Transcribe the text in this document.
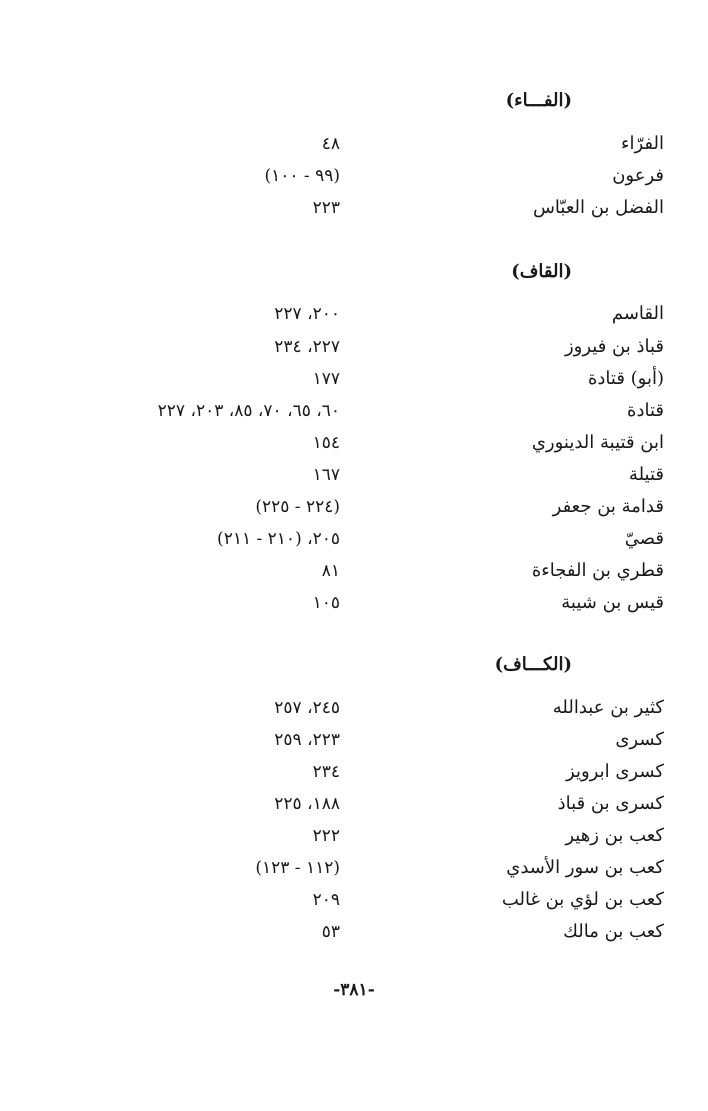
(الفـــاء)
الفرّاء
٤٨
فرعون
(٩٩ - ١٠٠)
الفضل بن العبّاس
٢٢٣
(القاف)
القاسم
٢٠٠، ٢٢٧
قباذ بن فيروز
٢٢٧، ٢٣٤
(أبو) قتادة
١٧٧
قتادة
٦٠، ٦٥، ٧٠، ٨٥، ٢٠٣، ٢٢٧
ابن قتيبة الدينوري
١٥٤
قتيلة
١٦٧
قدامة بن جعفر
(٢٢٤ - ٢٢٥)
قصيّ
٢٠٥، (٢١٠ - ٢١١)
قطري بن الفجاءة
٨١
قيس بن شيبة
١٠٥
(الكـــاف)
كثير بن عبدالله
٢٤٥، ٢٥٧
كسرى
٢٢٣، ٢٥٩
كسرى ابرويز
٢٣٤
كسرى بن قباذ
١٨٨، ٢٢٥
كعب بن زهير
٢٢٢
كعب بن سور الأسدي
(١١٢ - ١٢٣)
كعب بن لؤي بن غالب
٢٠٩
كعب بن مالك
٥٣
-٣٨١-
